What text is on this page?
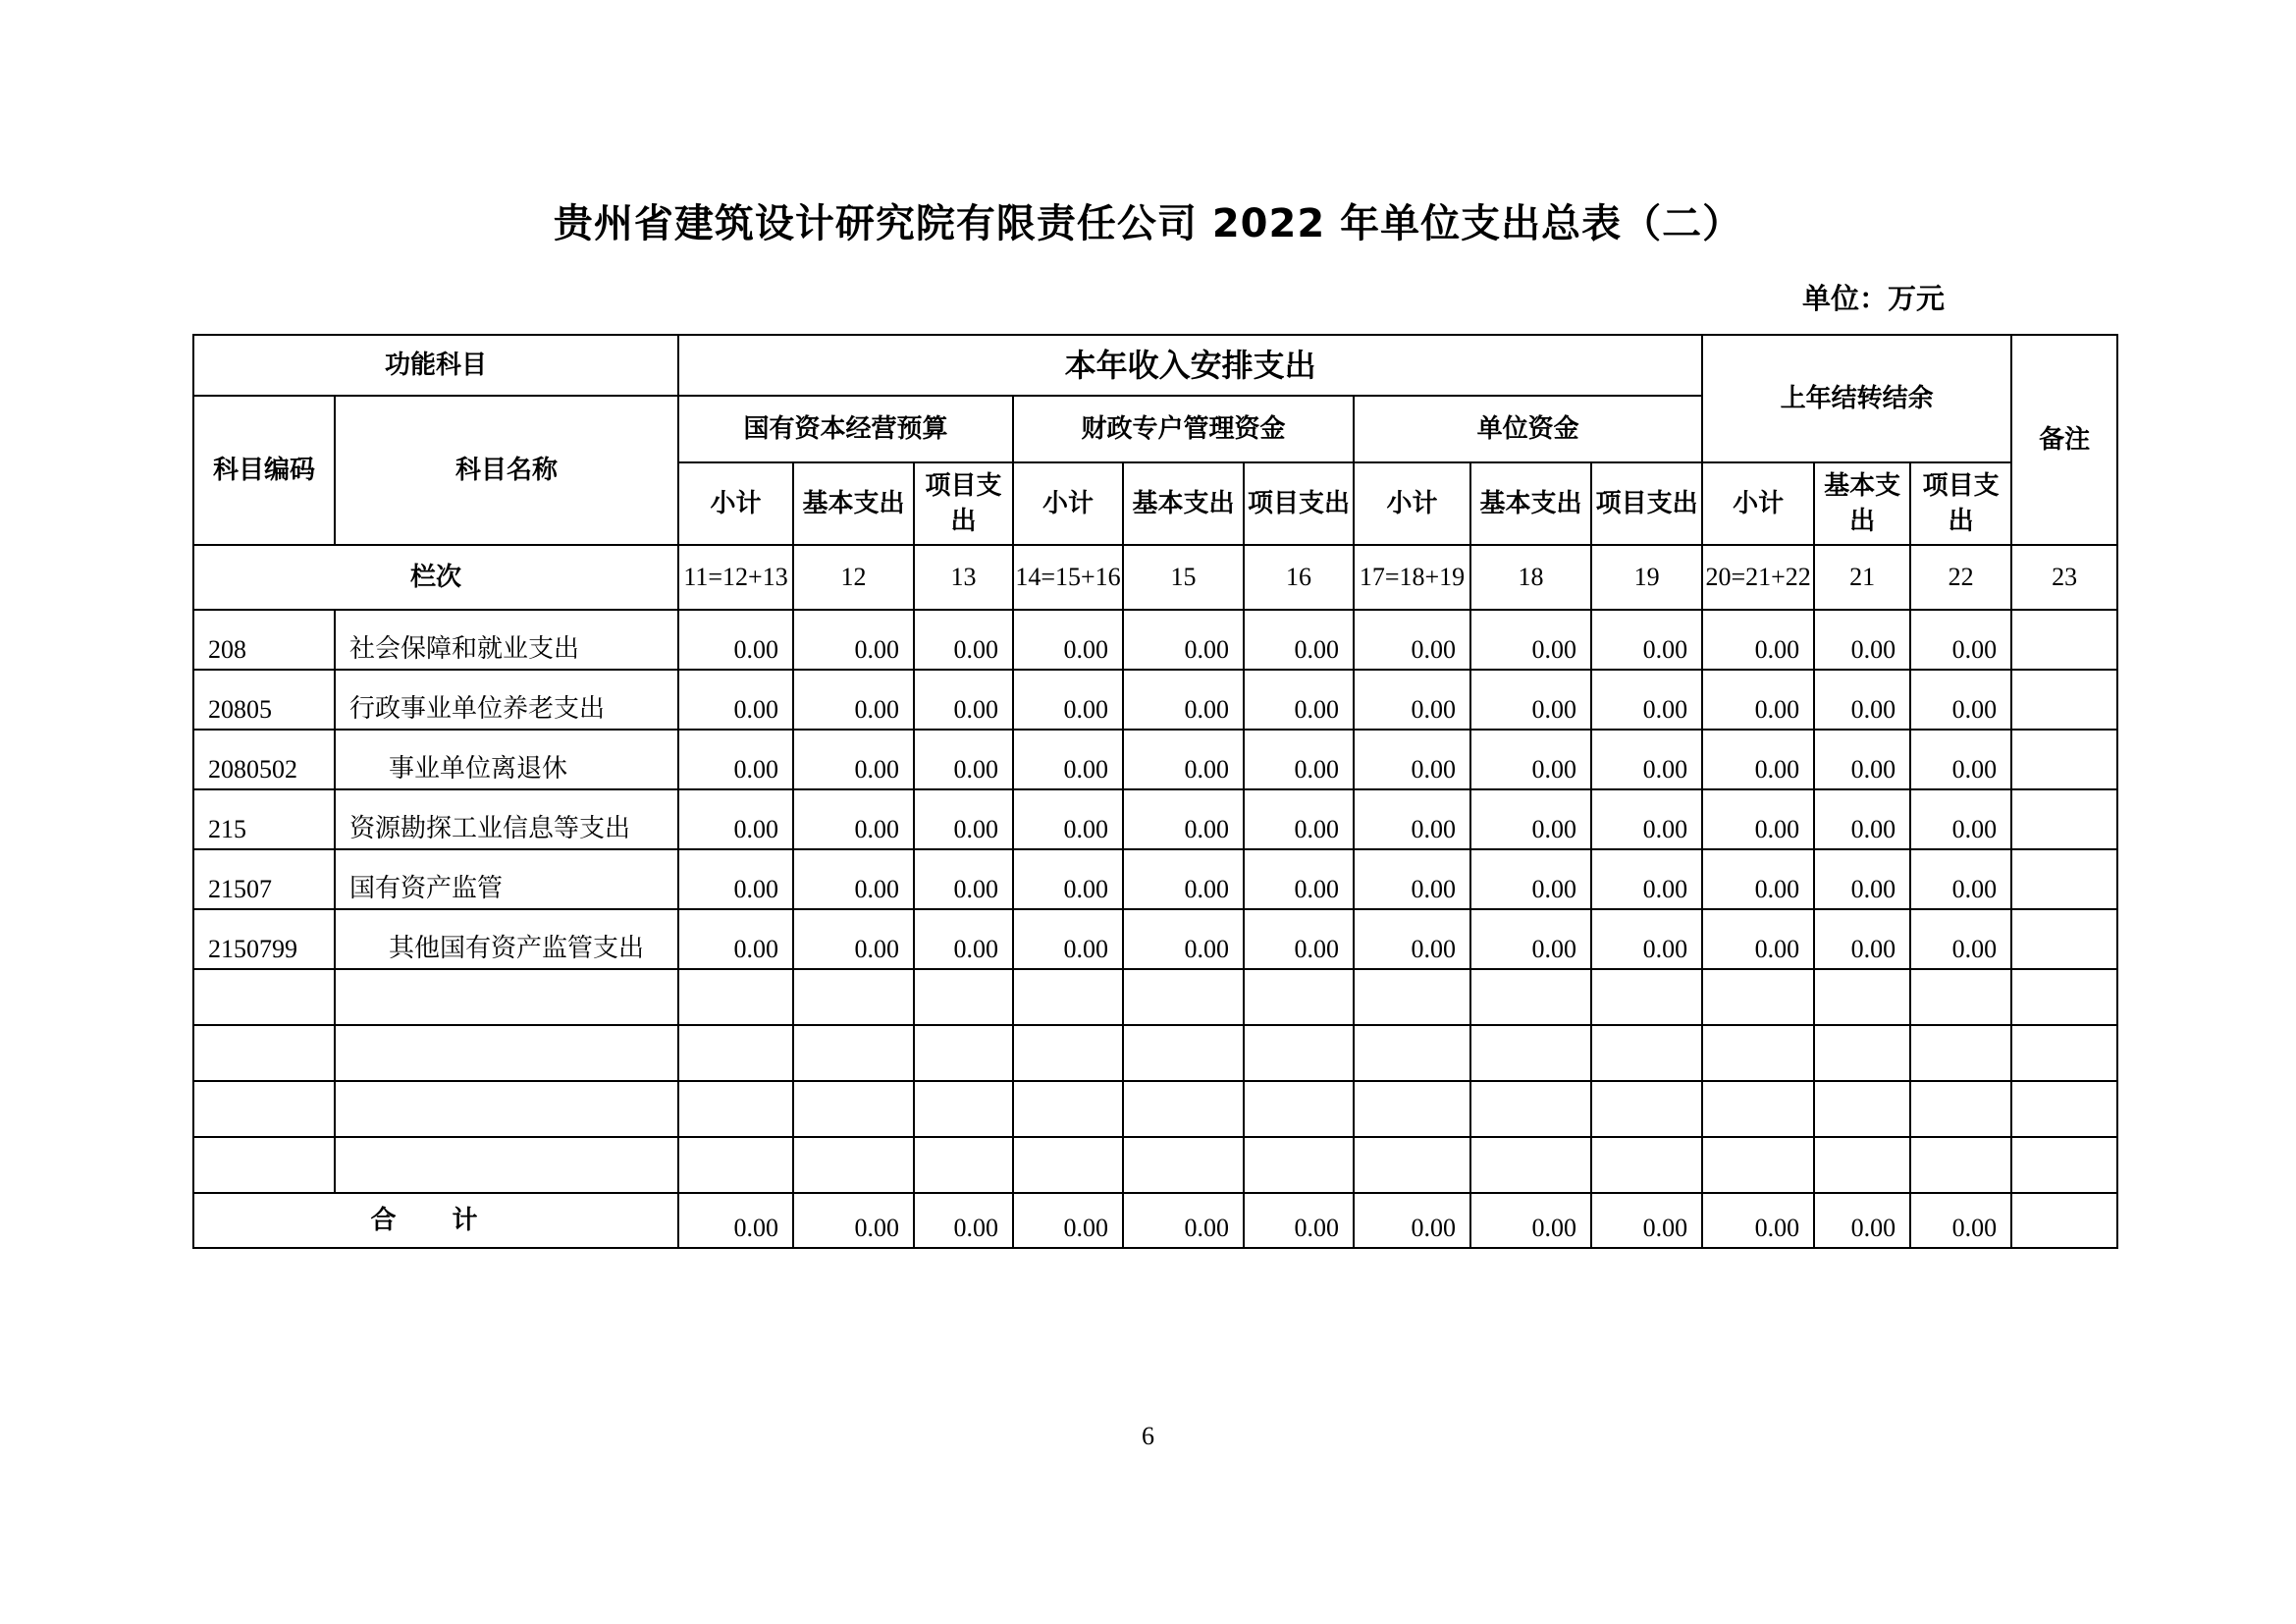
贵州省建筑设计研究院有限责任公司 2022 年单位支出总表（二）
单位：万元
功能科目		本年收入安排支出									上年结转结余			备注
科目编码	科目名称	国有资本经营预算			财政专户管理资金			单位资金						
		小计	基本支出	项目支出	小计	基本支出	项目支出	小计	基本支出	项目支出	小计	基本支出	项目支出	
栏次		11=12+13	12	13	14=15+16	15	16	17=18+19	18	19	20=21+22	21	22	23
208	社会保障和就业支出	0.00	0.00	0.00	0.00	0.00	0.00	0.00	0.00	0.00	0.00	0.00	0.00	
20805	行政事业单位养老支出	0.00	0.00	0.00	0.00	0.00	0.00	0.00	0.00	0.00	0.00	0.00	0.00	
2080502	事业单位离退休	0.00	0.00	0.00	0.00	0.00	0.00	0.00	0.00	0.00	0.00	0.00	0.00	
215	资源勘探工业信息等支出	0.00	0.00	0.00	0.00	0.00	0.00	0.00	0.00	0.00	0.00	0.00	0.00	
21507	国有资产监管	0.00	0.00	0.00	0.00	0.00	0.00	0.00	0.00	0.00	0.00	0.00	0.00	
2150799	其他国有资产监管支出	0.00	0.00	0.00	0.00	0.00	0.00	0.00	0.00	0.00	0.00	0.00	0.00	

合 计		0.00	0.00	0.00	0.00	0.00	0.00	0.00	0.00	0.00	0.00	0.00	0.00	
6
